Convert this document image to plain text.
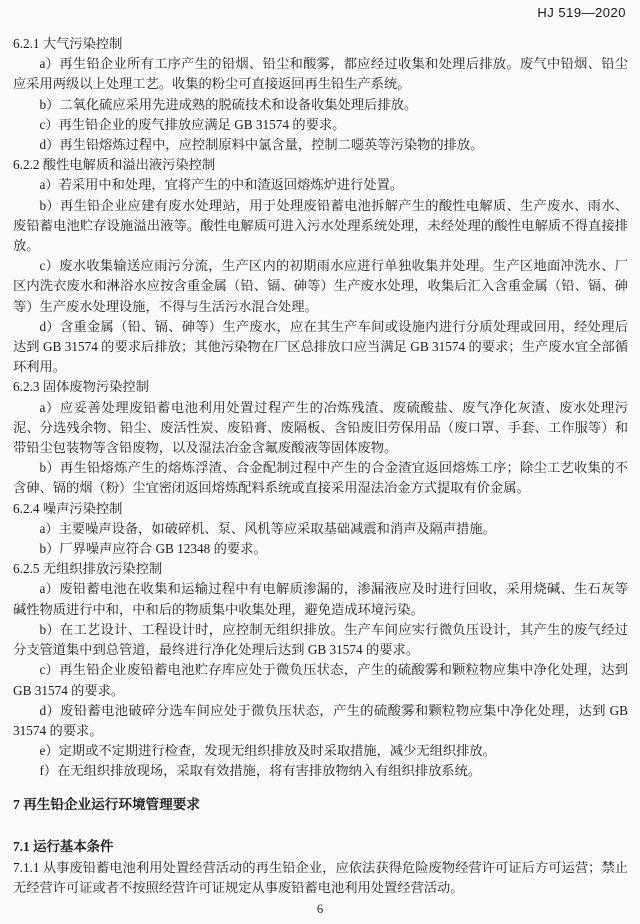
HJ 519—2020

6.2.1 大气污染控制

a）再生铅企业所有工序产生的铅烟、铅尘和酸雾，都应经过收集和处理后排放。废气中铅烟、铅尘应采用两级以上处理工艺。收集的粉尘可直接返回再生铅生产系统。

b）二氧化硫应采用先进成熟的脱硫技术和设备收集处理后排放。

c）再生铅企业的废气排放应满足 GB 31574 的要求。

d）再生铅熔炼过程中，应控制原料中氯含量，控制二噁英等污染物的排放。

6.2.2 酸性电解质和溢出液污染控制

a）若采用中和处理，宜将产生的中和渣返回熔炼炉进行处置。

b）再生铅企业应建有废水处理站，用于处理废铅蓄电池拆解产生的酸性电解质、生产废水、雨水、废铅蓄电池贮存设施溢出液等。酸性电解质可进入污水处理系统处理，未经处理的酸性电解质不得直接排放。

c）废水收集输送应雨污分流，生产区内的初期雨水应进行单独收集并处理。生产区地面冲洗水、厂区内洗衣废水和淋浴水应按含重金属（铅、镉、砷等）生产废水处理，收集后汇入含重金属（铅、镉、砷等）生产废水处理设施，不得与生活污水混合处理。

d）含重金属（铅、镉、砷等）生产废水，应在其生产车间或设施内进行分质处理或回用，经处理后达到 GB 31574 的要求后排放；其他污染物在厂区总排放口应当满足 GB 31574 的要求；生产废水宜全部循环利用。

6.2.3 固体废物污染控制

a）应妥善处理废铅蓄电池利用处置过程产生的冶炼残渣、废硫酸盐、废气净化灰渣、废水处理污泥、分选残余物、铅尘、废活性炭、废铅膏、废隔板、含铅废旧劳保用品（废口罩、手套、工作服等）和带铅尘包装物等含铅废物，以及湿法冶金含氟废酸液等固体废物。

b）再生铅熔炼产生的熔炼浮渣、合金配制过程中产生的合金渣宜返回熔炼工序；除尘工艺收集的不含砷、镉的烟（粉）尘宜密闭返回熔炼配料系统或直接采用湿法冶金方式提取有价金属。

6.2.4 噪声污染控制

a）主要噪声设备，如破碎机、泵、风机等应采取基础减震和消声及隔声措施。

b）厂界噪声应符合 GB 12348 的要求。

6.2.5 无组织排放污染控制

a）废铅蓄电池在收集和运输过程中有电解质渗漏的，渗漏液应及时进行回收，采用烧碱、生石灰等碱性物质进行中和，中和后的物质集中收集处理，避免造成环境污染。

b）在工艺设计、工程设计时，应控制无组织排放。生产车间应实行微负压设计，其产生的废气经过分支管道集中到总管道，最终进行净化处理后达到 GB 31574 的要求。

c）再生铅企业废铅蓄电池贮存库应处于微负压状态，产生的硫酸雾和颗粒物应集中净化处理，达到 GB 31574 的要求。

d）废铅蓄电池破碎分选车间应处于微负压状态，产生的硫酸雾和颗粒物应集中净化处理，达到 GB 31574 的要求。

e）定期或不定期进行检查，发现无组织排放及时采取措施，减少无组织排放。

f）在无组织排放现场，采取有效措施，将有害排放物纳入有组织排放系统。

7 再生铅企业运行环境管理要求

7.1 运行基本条件

7.1.1 从事废铅蓄电池利用处置经营活动的再生铅企业，应依法获得危险废物经营许可证后方可运营；禁止无经营许可证或者不按照经营许可证规定从事废铅蓄电池利用处置经营活动。

6
